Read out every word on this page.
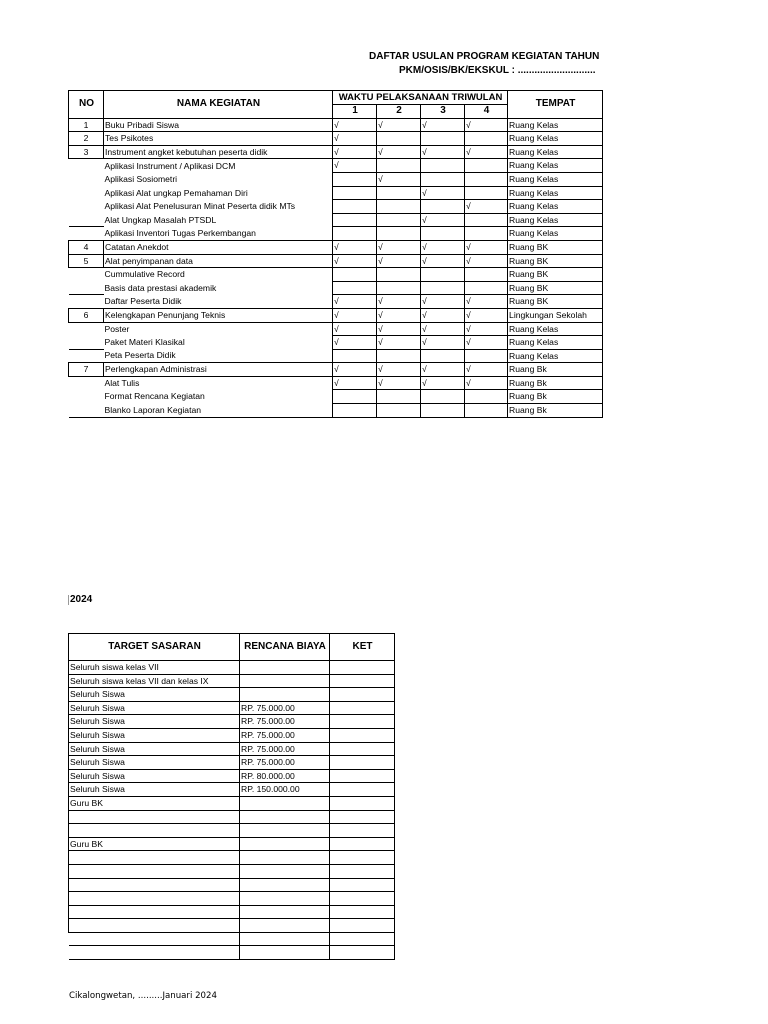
DAFTAR USULAN PROGRAM KEGIATAN TAHUN
PKM/OSIS/BK/EKSKUL : ............................
NO	NAMA KEGIATAN	WAKTU PELAKSANAAN TRIWULAN				TEMPAT
		1	2	3	4	
1	Buku Pribadi Siswa	√	√	√	√	Ruang Kelas
2	Tes Psikotes	√				Ruang Kelas
3	Instrument angket kebutuhan peserta didik	√	√	√	√	Ruang Kelas
	Aplikasi Instrument / Aplikasi DCM	√				Ruang Kelas
	Aplikasi Sosiometri		√			Ruang Kelas
	Aplikasi Alat ungkap Pemahaman Diri			√		Ruang Kelas
	Aplikasi Alat Penelusuran Minat Peserta didik MTs				√	Ruang Kelas
	Alat Ungkap Masalah PTSDL			√		Ruang Kelas
	Aplikasi Inventori Tugas Perkembangan					Ruang Kelas
4	Catatan Anekdot	√	√	√	√	Ruang BK
5	Alat penyimpanan data	√	√	√	√	Ruang BK
	Cummulative Record					Ruang BK
	Basis data prestasi akademik					Ruang BK
	Daftar Peserta Didik	√	√	√	√	Ruang BK
6	Kelengkapan Penunjang Teknis	√	√	√	√	Lingkungan Sekolah
	Poster	√	√	√	√	Ruang Kelas
	Paket Materi Klasikal	√	√	√	√	Ruang Kelas
	Peta Peserta Didik					Ruang Kelas
7	Perlengkapan Administrasi	√	√	√	√	Ruang Bk
	Alat Tulis	√	√	√	√	Ruang Bk
	Format Rencana Kegiatan					Ruang Bk
	Blanko Laporan Kegiatan					Ruang Bk
2024
TARGET SASARAN	RENCANA BIAYA	KET
Seluruh siswa kelas VII		
Seluruh siswa kelas VII dan kelas IX		
Seluruh Siswa		
Seluruh Siswa	RP. 75.000.00	
Seluruh Siswa	RP. 75.000.00	
Seluruh Siswa	RP. 75.000.00	
Seluruh Siswa	RP. 75.000.00	
Seluruh Siswa	RP. 75.000.00	
Seluruh Siswa	RP. 80.000.00	
Seluruh Siswa	RP. 150.000.00	
Guru BK		

Guru BK		

Cikalongwetan, .........Januari 2024
